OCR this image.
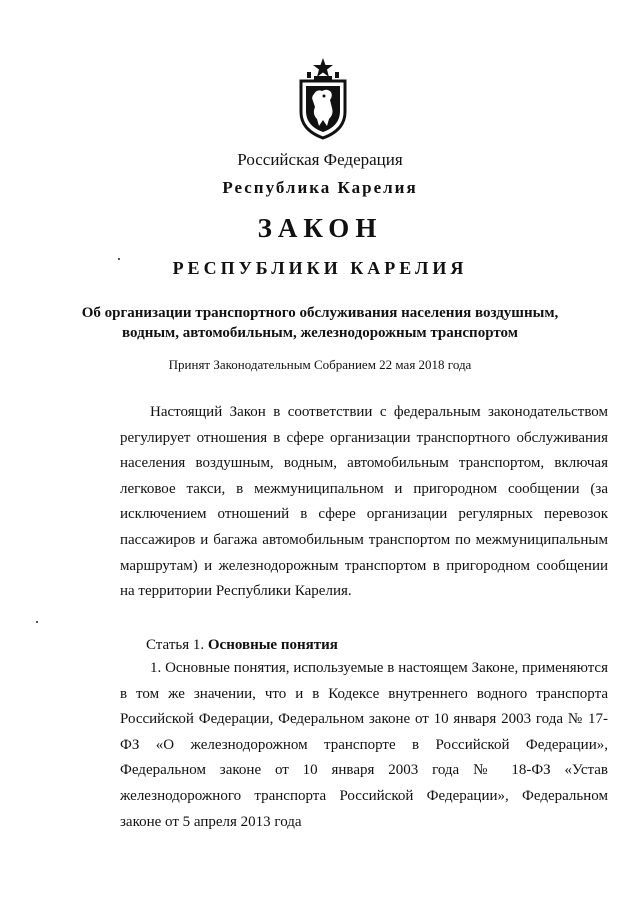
Российская Федерация
Республика Карелия
ЗАКОН
РЕСПУБЛИКИ КАРЕЛИЯ
Об организации транспортного обслуживания населения воздушным,
водным, автомобильным, железнодорожным транспортом
Принят Законодательным Собранием 22 мая 2018 года

Настоящий Закон в соответствии с федеральным законодательством регулирует отношения в сфере организации транспортного обслуживания населения воздушным, водным, автомобильным транспортом, включая легковое такси, в межмуниципальном и пригородном сообщении (за исключением отношений в сфере организации регулярных перевозок пассажиров и багажа автомобильным транспортом по межмуниципальным маршрутам) и железнодорожным транспортом в пригородном сообщении на территории Республики Карелия.

Статья 1. Основные понятия

1. Основные понятия, используемые в настоящем Законе, применяются в том же значении, что и в Кодексе внутреннего водного транспорта Российской Федерации, Федеральном законе от 10 января 2003 года № 17-ФЗ «О железнодорожном транспорте в Российской Федерации», Федеральном законе от 10 января 2003 года № 18-ФЗ «Устав железнодорожного транспорта Российской Федерации», Федеральном законе от 5 апреля 2013 года
